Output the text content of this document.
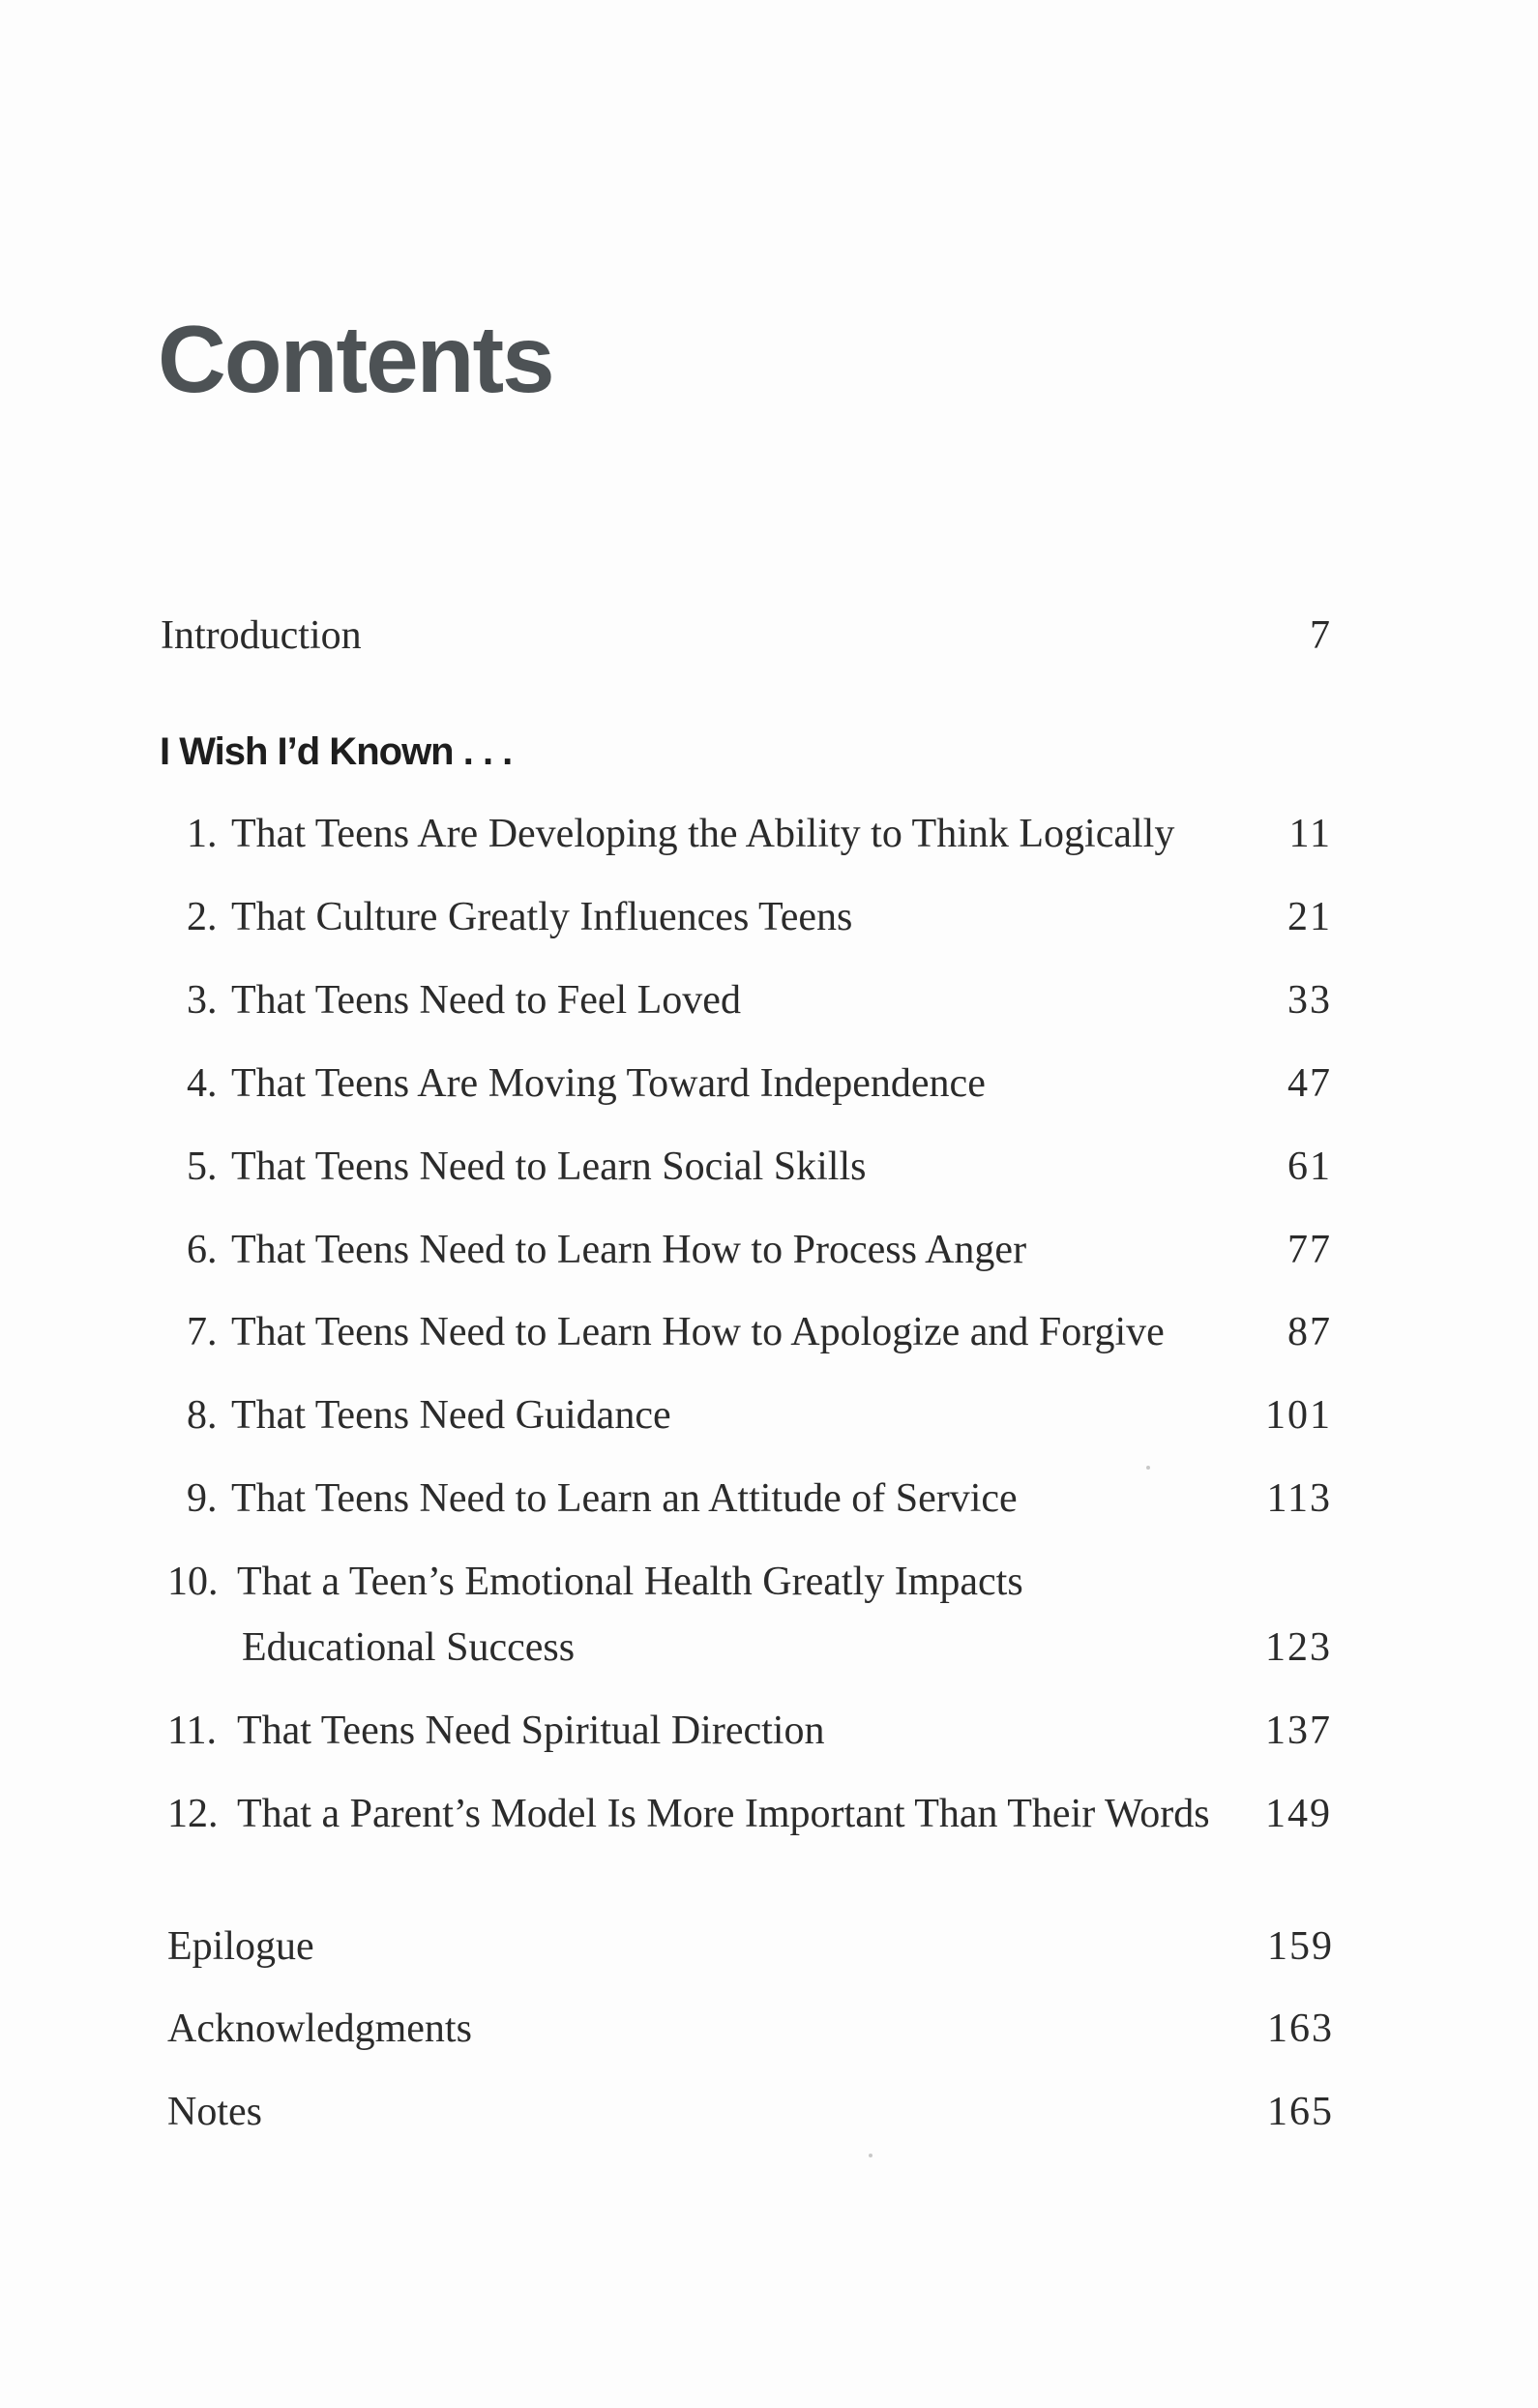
Contents
Introduction	7
I Wish I’d Known . . .
1. That Teens Are Developing the Ability to Think Logically	11
2. That Culture Greatly Influences Teens	21
3. That Teens Need to Feel Loved	33
4. That Teens Are Moving Toward Independence	47
5. That Teens Need to Learn Social Skills	61
6. That Teens Need to Learn How to Process Anger	77
7. That Teens Need to Learn How to Apologize and Forgive	87
8. That Teens Need Guidance	101
9. That Teens Need to Learn an Attitude of Service	113
10. That a Teen’s Emotional Health Greatly Impacts
Educational Success	123
11. That Teens Need Spiritual Direction	137
12. That a Parent’s Model Is More Important Than Their Words 149
Epilogue	159
Acknowledgments	163
Notes	165
